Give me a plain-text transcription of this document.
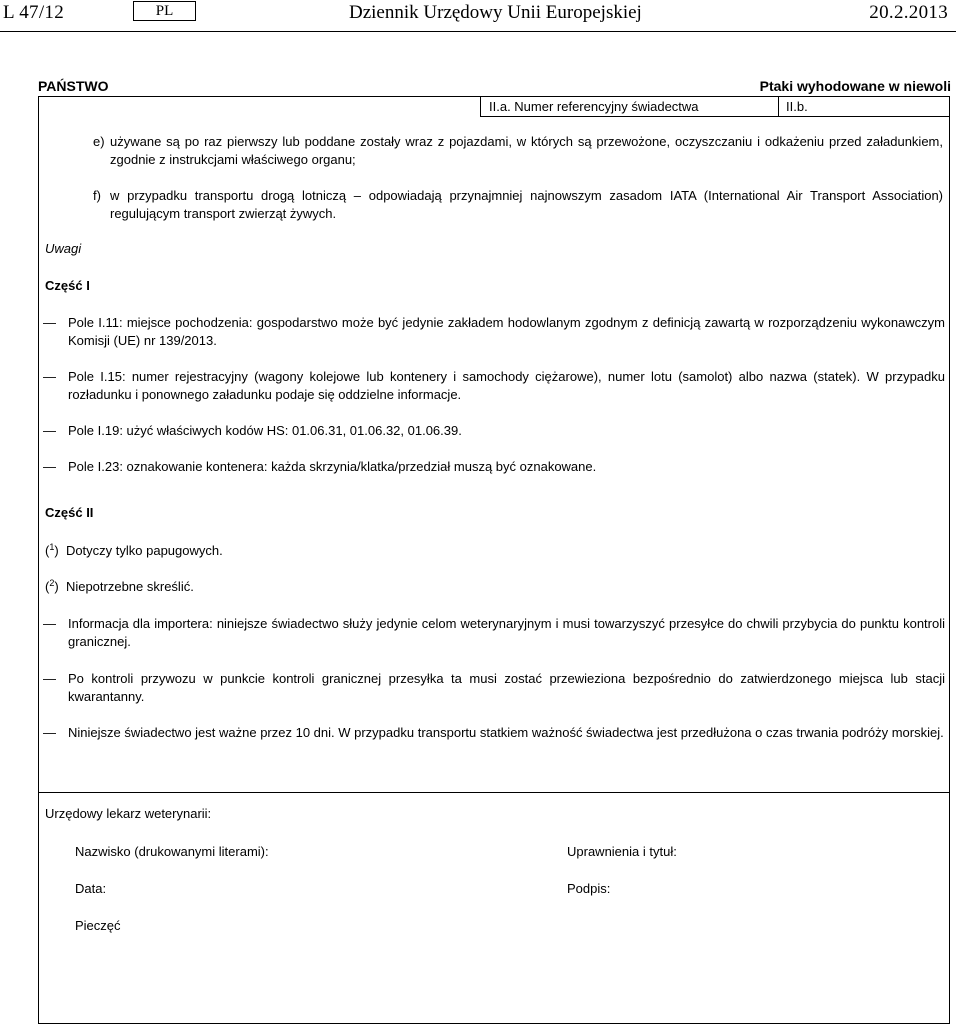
L 47/12	PL	Dziennik Urzędowy Unii Europejskiej	20.2.2013
PAŃSTWO	Ptaki wyhodowane w niewoli
II.a. Numer referencyjny świadectwa	II.b.
e) używane są po raz pierwszy lub poddane zostały wraz z pojazdami, w których są przewożone, oczyszczaniu i odkażeniu przed załadunkiem, zgodnie z instrukcjami właściwego organu;
f) w przypadku transportu drogą lotniczą – odpowiadają przynajmniej najnowszym zasadom IATA (International Air Transport Association) regulującym transport zwierząt żywych.
Uwagi
Część I
— Pole I.11: miejsce pochodzenia: gospodarstwo może być jedynie zakładem hodowlanym zgodnym z definicją zawartą w rozporządzeniu wykonawczym Komisji (UE) nr 139/2013.
— Pole I.15: numer rejestracyjny (wagony kolejowe lub kontenery i samochody ciężarowe), numer lotu (samolot) albo nazwa (statek). W przypadku rozładunku i ponownego załadunku podaje się oddzielne informacje.
— Pole I.19: użyć właściwych kodów HS: 01.06.31, 01.06.32, 01.06.39.
— Pole I.23: oznakowanie kontenera: każda skrzynia/klatka/przedział muszą być oznakowane.
Część II
($^1$) Dotyczy tylko papugowych.
($^2$) Niepotrzebne skreślić.
— Informacja dla importera: niniejsze świadectwo służy jedynie celom weterynaryjnym i musi towarzyszyć przesyłce do chwili przybycia do punktu kontroli granicznej.
— Po kontroli przywozu w punkcie kontroli granicznej przesyłka ta musi zostać przewieziona bezpośrednio do zatwierdzonego miejsca lub stacji kwarantanny.
— Niniejsze świadectwo jest ważne przez 10 dni. W przypadku transportu statkiem ważność świadectwa jest przedłużona o czas trwania podróży morskiej.
Urzędowy lekarz weterynarii:
Nazwisko (drukowanymi literami):	Uprawnienia i tytuł:
Data:	Podpis:
Pieczęć
